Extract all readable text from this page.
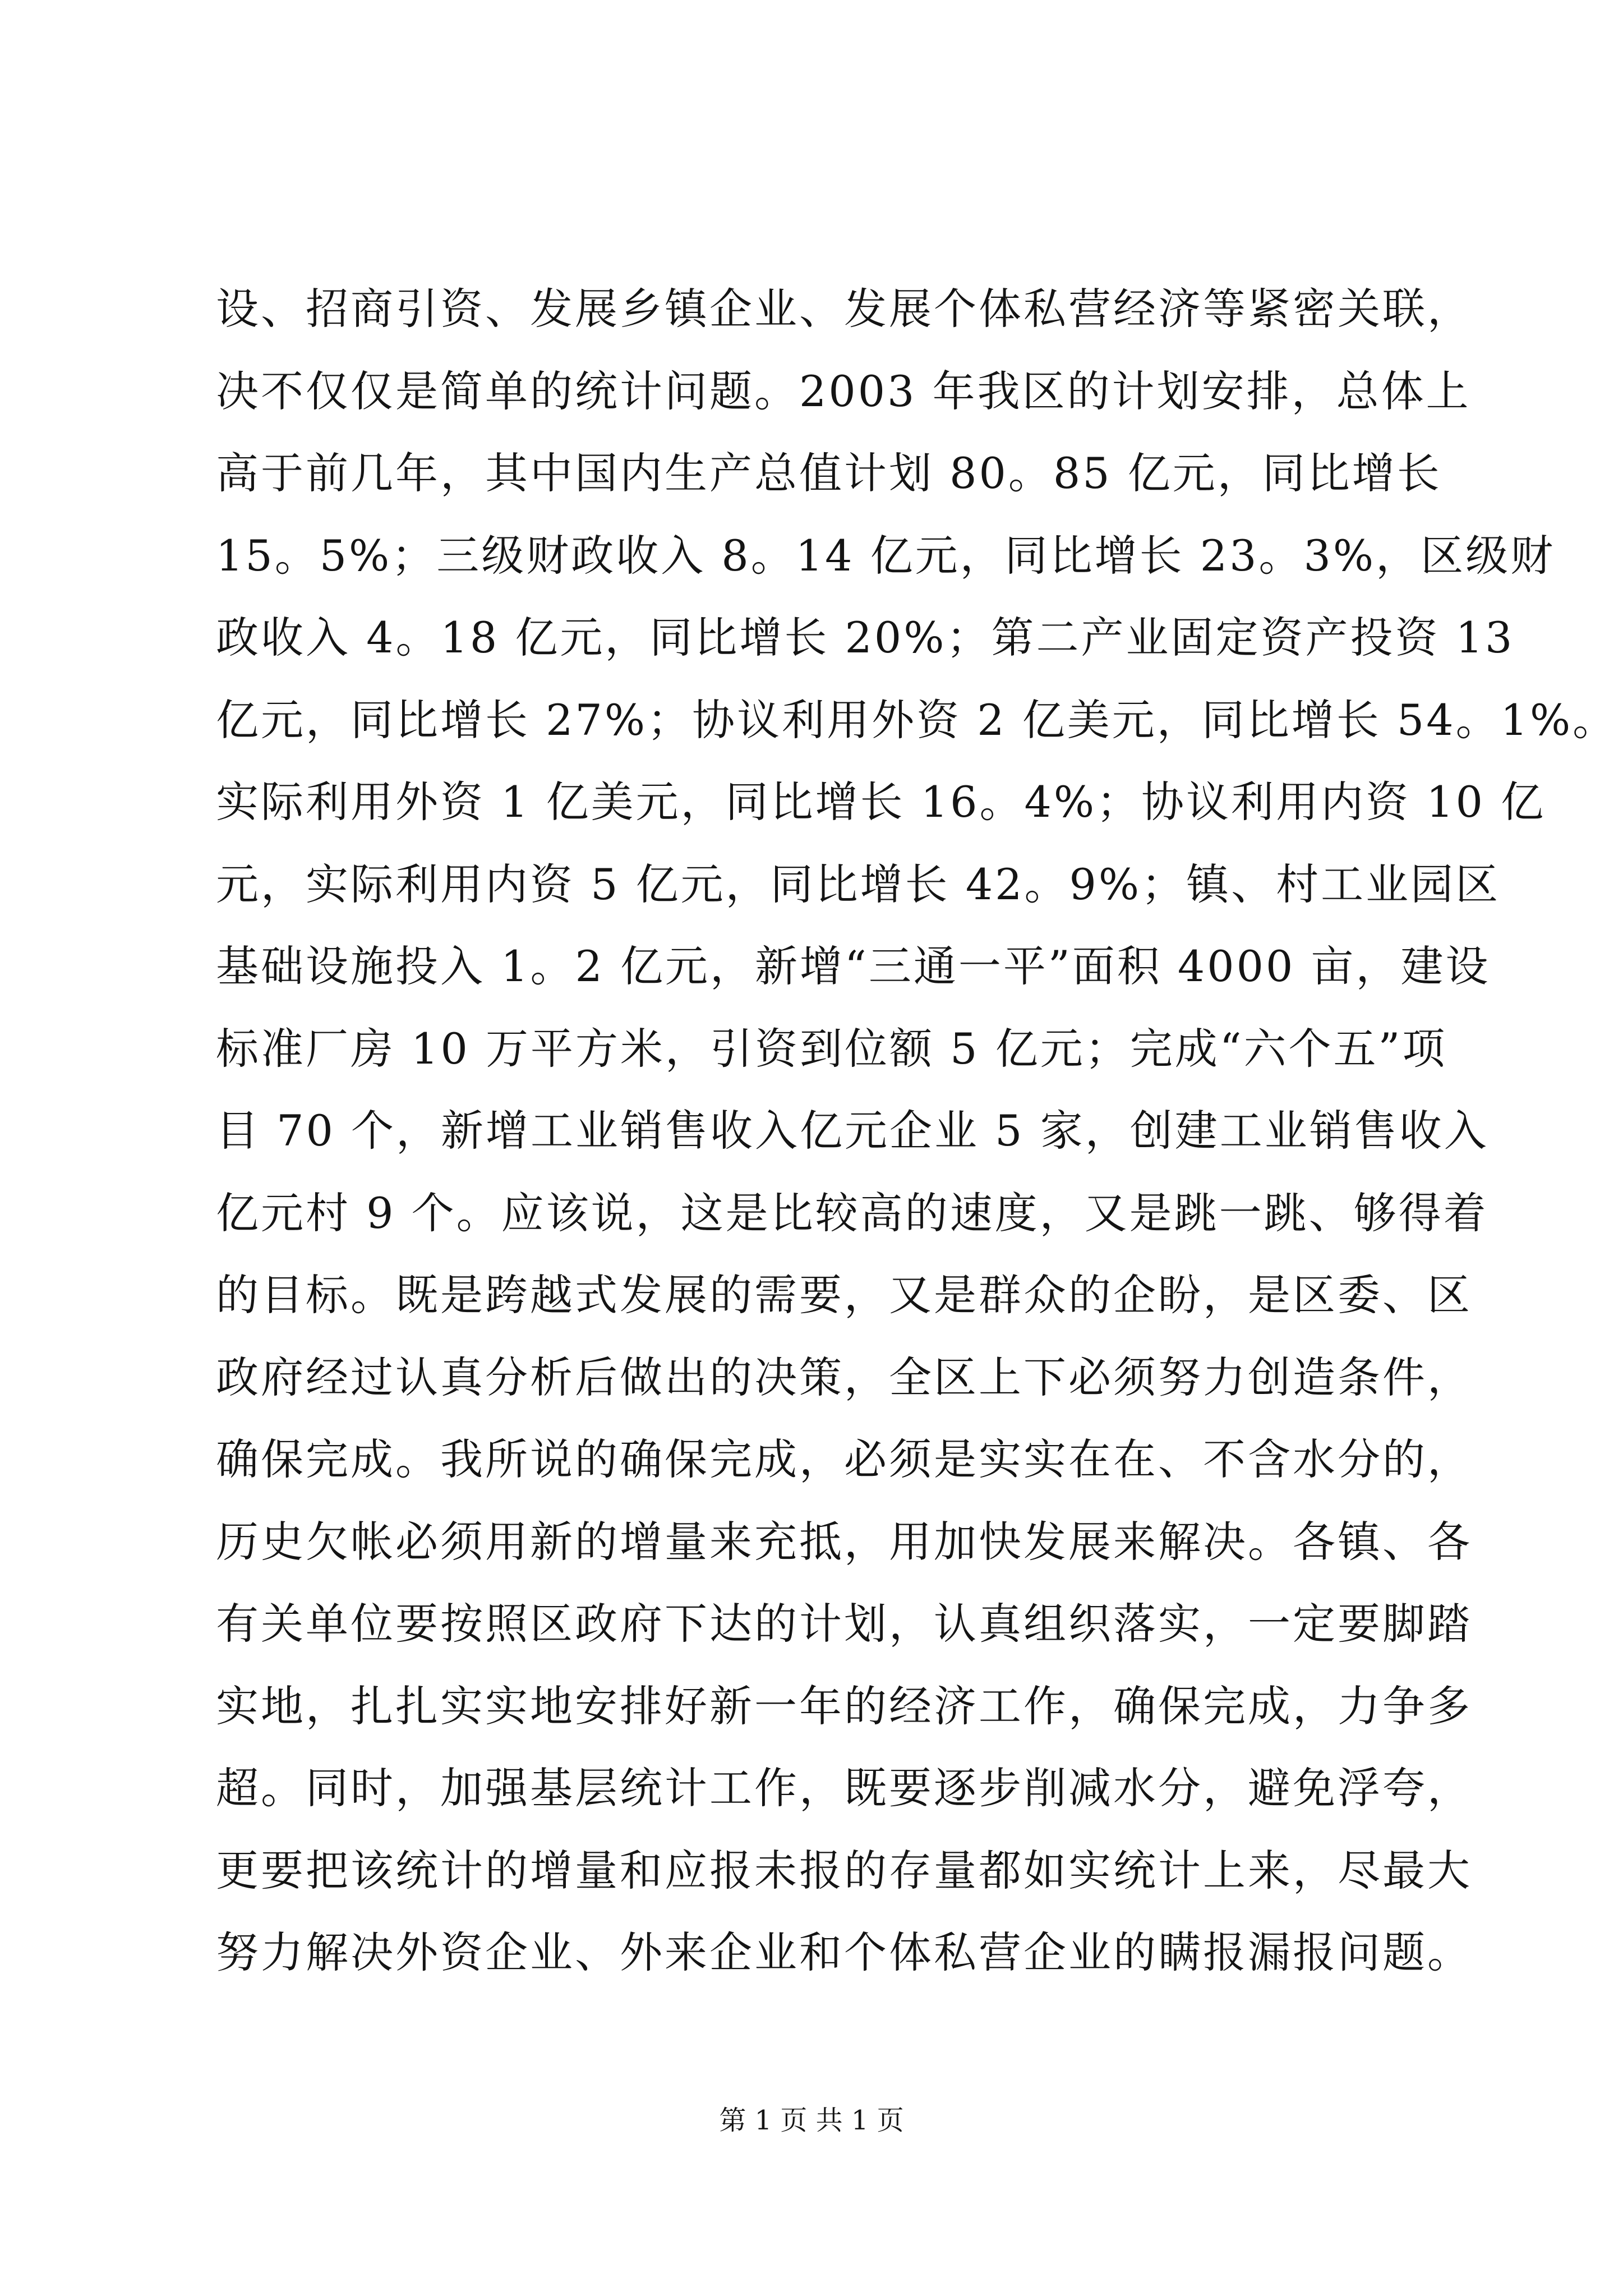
设、招商引资、发展乡镇企业、发展个体私营经济等紧密关联，
决不仅仅是简单的统计问题。2003 年我区的计划安排，总体上
高于前几年，其中国内生产总值计划 80。85 亿元，同比增长
15。5%；三级财政收入 8。14 亿元，同比增长 23。3%，区级财
政收入 4。18 亿元，同比增长 20%；第二产业固定资产投资 13
亿元，同比增长 27%；协议利用外资 2 亿美元，同比增长 54。1%。
实际利用外资 1 亿美元，同比增长 16。4%；协议利用内资 10 亿
元，实际利用内资 5 亿元，同比增长 42。9%；镇、村工业园区
基础设施投入 1。2 亿元，新增“三通一平”面积 4000 亩，建设
标准厂房 10 万平方米，引资到位额 5 亿元；完成“六个五”项
目 70 个，新增工业销售收入亿元企业 5 家，创建工业销售收入
亿元村 9 个。应该说，这是比较高的速度，又是跳一跳、够得着
的目标。既是跨越式发展的需要，又是群众的企盼，是区委、区
政府经过认真分析后做出的决策，全区上下必须努力创造条件，
确保完成。我所说的确保完成，必须是实实在在、不含水分的，
历史欠帐必须用新的增量来充抵，用加快发展来解决。各镇、各
有关单位要按照区政府下达的计划，认真组织落实，一定要脚踏
实地，扎扎实实地安排好新一年的经济工作，确保完成，力争多
超。同时，加强基层统计工作，既要逐步削减水分，避免浮夸，
更要把该统计的增量和应报未报的存量都如实统计上来，尽最大
努力解决外资企业、外来企业和个体私营企业的瞒报漏报问题。
第 1 页 共 1 页
